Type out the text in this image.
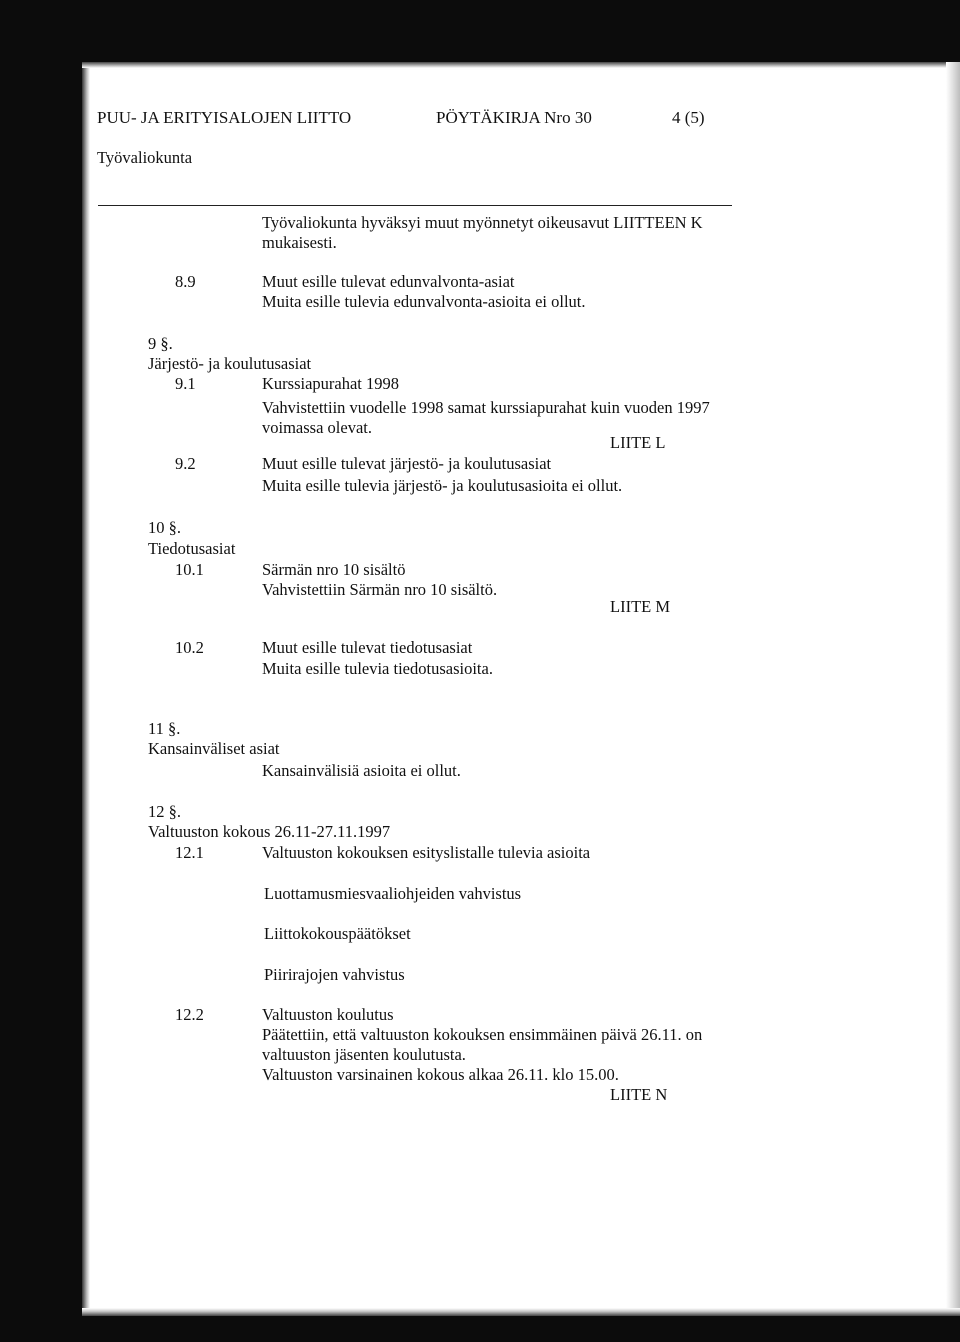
PUU- JA ERITYISALOJEN LIITTO	PÖYTÄKIRJA Nro 30	4 (5)
Työvaliokunta
Työvaliokunta hyväksyi muut myönnetyt oikeusavut LIITTEEN K
mukaisesti.
8.9	Muut esille tulevat edunvalvonta-asiat
Muita esille tulevia edunvalvonta-asioita ei ollut.
9 §.
Järjestö- ja koulutusasiat
9.1	Kurssiapurahat 1998
Vahvistettiin vuodelle 1998 samat kurssiapurahat kuin vuoden 1997
voimassa olevat.
LIITE L
9.2	Muut esille tulevat järjestö- ja koulutusasiat
Muita esille tulevia järjestö- ja koulutusasioita ei ollut.
10 §.
Tiedotusasiat
10.1	Särmän nro 10 sisältö
Vahvistettiin Särmän nro 10 sisältö.
LIITE M
10.2	Muut esille tulevat tiedotusasiat
Muita esille tulevia tiedotusasioita.
11 §.
Kansainväliset asiat
Kansainvälisiä asioita ei ollut.
12 §.
Valtuuston kokous 26.11-27.11.1997
12.1	Valtuuston kokouksen esityslistalle tulevia asioita
Luottamusmiesvaaliohjeiden vahvistus
Liittokokouspäätökset
Piirirajojen vahvistus
12.2	Valtuuston koulutus
Päätettiin, että valtuuston kokouksen ensimmäinen päivä 26.11. on
valtuuston jäsenten koulutusta.
Valtuuston varsinainen kokous alkaa 26.11. klo 15.00.
LIITE N
